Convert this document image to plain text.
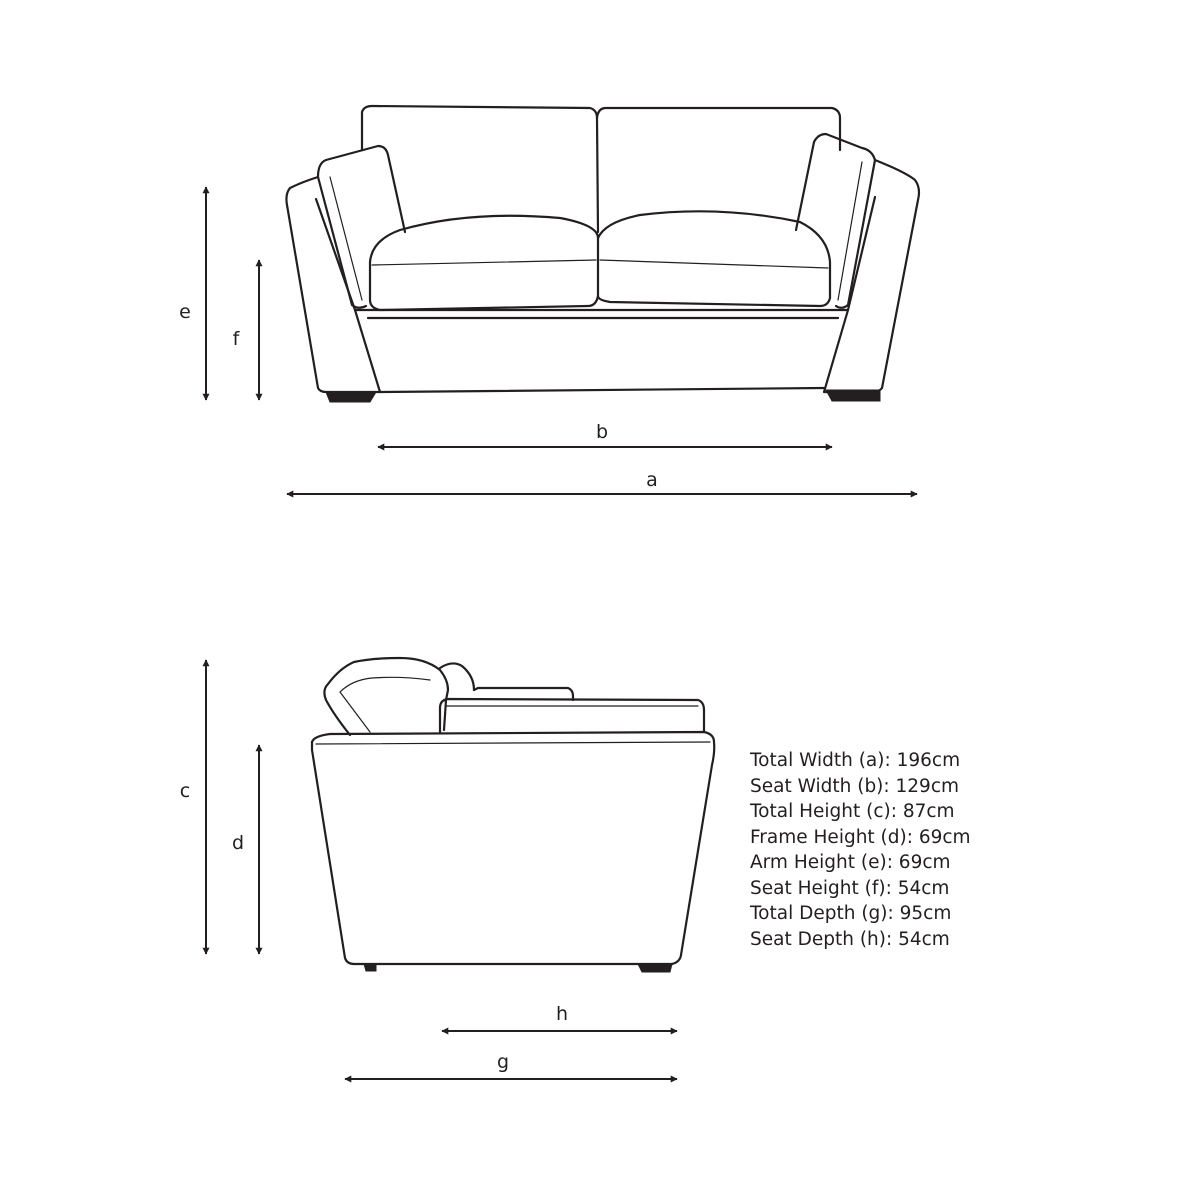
e
f
b
a
c
d
h
g
Total Width (a): 196cm
Seat Width (b): 129cm
Total Height (c): 87cm
Frame Height (d): 69cm
Arm Height (e): 69cm
Seat Height (f): 54cm
Total Depth (g): 95cm
Seat Depth (h): 54cm
